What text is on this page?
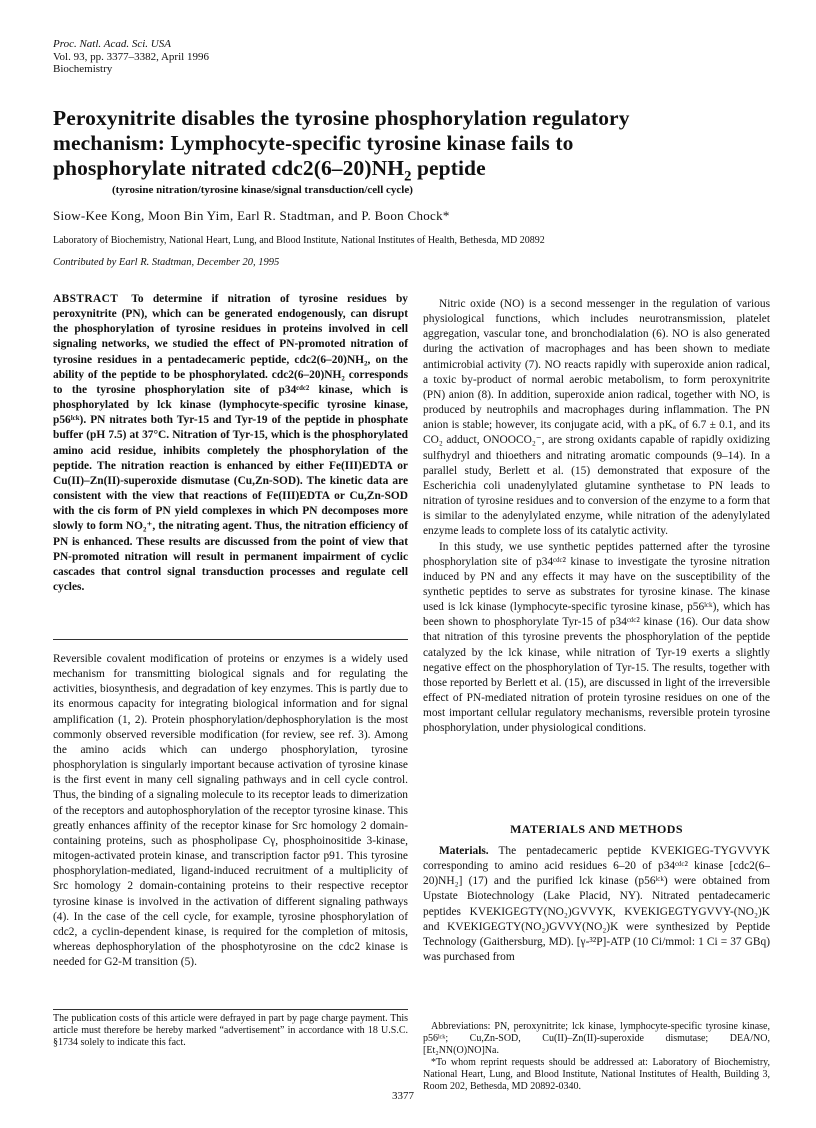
Proc. Natl. Acad. Sci. USA
Vol. 93, pp. 3377–3382, April 1996
Biochemistry
Peroxynitrite disables the tyrosine phosphorylation regulatory
mechanism: Lymphocyte-specific tyrosine kinase fails to
phosphorylate nitrated $cdc2(6-20)NH_2$ peptide
(tyrosine nitration/tyrosine kinase/signal transduction/cell cycle)
Siow-Kee Kong, Moon Bin Yim, Earl R. Stadtman, and P. Boon Chock*
Laboratory of Biochemistry, National Heart, Lung, and Blood Institute, National Institutes of Health, Bethesda, MD 20892
Contributed by Earl R. Stadtman, December 20, 1995
ABSTRACT To determine if nitration of tyrosine residues by peroxynitrite (PN), which can be generated endogenously, can disrupt the phosphorylation of tyrosine residues in proteins involved in cell signaling networks, we studied the effect of PN-promoted nitration of tyrosine residues in a pentadecameric peptide, cdc2(6–20)NH₂, on the ability of the peptide to be phosphorylated. cdc2(6–20)NH₂ corresponds to the tyrosine phosphorylation site of p34ᶜᵈᶜ² kinase, which is phosphorylated by lck kinase (lymphocyte-specific tyrosine kinase, p56ˡᶜᵏ). PN nitrates both Tyr-15 and Tyr-19 of the peptide in phosphate buffer (pH 7.5) at 37°C. Nitration of Tyr-15, which is the phosphorylated amino acid residue, inhibits completely the phosphorylation of the peptide. The nitration reaction is enhanced by either Fe(III)EDTA or Cu(II)–Zn(II)-superoxide dismutase (Cu,Zn-SOD). The kinetic data are consistent with the view that reactions of Fe(III)EDTA or Cu,Zn-SOD with the cis form of PN yield complexes in which PN decomposes more slowly to form NO₂⁺, the nitrating agent. Thus, the nitration efficiency of PN is enhanced. These results are discussed from the point of view that PN-promoted nitration will result in permanent impairment of cyclic cascades that control signal transduction processes and regulate cell cycles.

Reversible covalent modification of proteins or enzymes is a widely used mechanism for transmitting biological signals and for regulating the activities, biosynthesis, and degradation of key enzymes. This is partly due to its enormous capacity for integrating biological information and for signal amplification (1, 2). Protein phosphorylation/dephosphorylation is the most commonly observed reversible modification (for review, see ref. 3). Among the amino acids which can undergo phosphorylation, tyrosine phosphorylation is singularly important because activation of tyrosine kinase is the first event in many cell signaling pathways and in cell cycle control. Thus, the binding of a signaling molecule to its receptor leads to dimerization of the receptors and autophosphorylation of the receptor tyrosine kinase. This greatly enhances affinity of the receptor kinase for Src homology 2 domain-containing proteins, such as phospholipase Cγ, phosphoinositide 3-kinase, mitogen-activated protein kinase, and transcription factor p91. This tyrosine phosphorylation-mediated, ligand-induced recruitment of a multiplicity of Src homology 2 domain-containing proteins to their respective receptor tyrosine kinase is involved in the activation of different signaling pathways (4). In the case of the cell cycle, for example, tyrosine phosphorylation of cdc2, a cyclin-dependent kinase, is required for the completion of mitosis, whereas dephosphorylation of the phosphotyrosine on the cdc2 kinase is needed for G2-M transition (5).

Nitric oxide (NO) is a second messenger in the regulation of various physiological functions, which includes neurotransmission, platelet aggregation, vascular tone, and bronchodialation (6). NO is also generated during the activation of macrophages and has been shown to mediate antimicrobial activity (7). NO reacts rapidly with superoxide anion radical, a toxic by-product of normal aerobic metabolism, to form peroxynitrite (PN) anion (8). In addition, superoxide anion radical, together with NO, is produced by neutrophils and macrophages during inflammation. The PN anion is stable; however, its conjugate acid, with a pKₐ of 6.7 ± 0.1, and its CO₂ adduct, ONOOCO₂⁻, are strong oxidants capable of rapidly oxidizing sulfhydryl and thioethers and nitrating aromatic compounds (9–14). In a parallel study, Berlett et al. (15) demonstrated that exposure of the Escherichia coli unadenylylated glutamine synthetase to PN leads to nitration of tyrosine residues and to conversion of the enzyme to a form that is similar to the adenylylated enzyme, while nitration of the adenylylated enzyme leads to complete loss of its catalytic activity.

In this study, we use synthetic peptides patterned after the tyrosine phosphorylation site of p34ᶜᵈᶜ² kinase to investigate the tyrosine nitration induced by PN and any effects it may have on the susceptibility of the synthetic peptides to serve as substrates for tyrosine kinase. The kinase used is lck kinase (lymphocyte-specific tyrosine kinase, p56ˡᶜᵏ), which has been shown to phosphorylate Tyr-15 of p34ᶜᵈᶜ² kinase (16). Our data show that nitration of this tyrosine prevents the phosphorylation of the peptide catalyzed by the lck kinase, while nitration of Tyr-19 exerts a slightly negative effect on the phosphorylation of Tyr-15. The results, together with those reported by Berlett et al. (15), are discussed in light of the irreversible effect of PN-mediated nitration of protein tyrosine residues on one of the most important cellular regulatory mechanisms, reversible protein tyrosine phosphorylation, under physiological conditions.

MATERIALS AND METHODS

Materials. The pentadecameric peptide KVEKIGEG-TYGVVYK corresponding to amino acid residues 6–20 of p34ᶜᵈᶜ² kinase [cdc2(6–20)NH₂] (17) and the purified lck kinase (p56ˡᶜᵏ) were obtained from Upstate Biotechnology (Lake Placid, NY). Nitrated pentadecameric peptides KVEKIGEGTY(NO₂)GVVYK, KVEKIGEGTYGVVY-(NO₂)K and KVEKIGEGTY(NO₂)GVVY(NO₂)K were synthesized by Peptide Technology (Gaithersburg, MD). [γ-³²P]-ATP (10 Ci/mmol: 1 Ci = 37 GBq) was purchased from

The publication costs of this article were defrayed in part by page charge payment. This article must therefore be hereby marked “advertisement” in accordance with 18 U.S.C. §1734 solely to indicate this fact.

Abbreviations: PN, peroxynitrite; lck kinase, lymphocyte-specific tyrosine kinase, p56ˡᶜᵏ; Cu,Zn-SOD, Cu(II)–Zn(II)-superoxide dismutase; DEA/NO, [Et₂NN(O)NO]Na.

*To whom reprint requests should be addressed at: Laboratory of Biochemistry, National Heart, Lung, and Blood Institute, National Institutes of Health, Building 3, Room 202, Bethesda, MD 20892-0340.

3377
